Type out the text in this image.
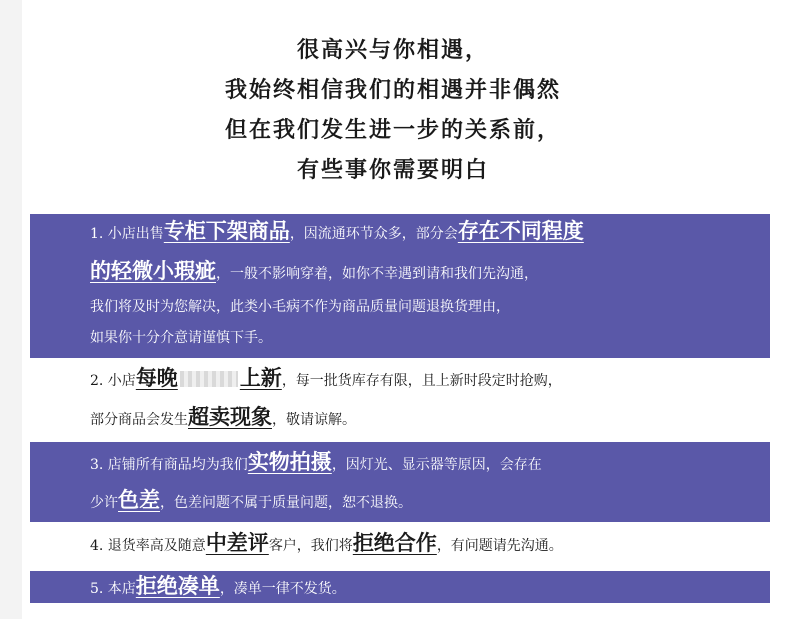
很高兴与你相遇，
我始终相信我们的相遇并非偶然
但在我们发生进一步的关系前，
有些事你需要明白
1. 小店出售专柜下架商品，因流通环节众多，部分会存在不同程度
的轻微小瑕疵，一般不影响穿着，如你不幸遇到请和我们先沟通，
我们将及时为您解决，此类小毛病不作为商品质量问题退换货理由，
如果你十分介意请谨慎下手。
2. 小店每晚	上新，每一批货库存有限，且上新时段定时抢购，
部分商品会发生超卖现象，敬请谅解。
3. 店铺所有商品均为我们实物拍摄，因灯光、显示器等原因，会存在
少许色差，色差问题不属于质量问题，恕不退换。
4. 退货率高及随意中差评客户，我们将拒绝合作，有问题请先沟通。
5. 本店拒绝凑单，凑单一律不发货。
